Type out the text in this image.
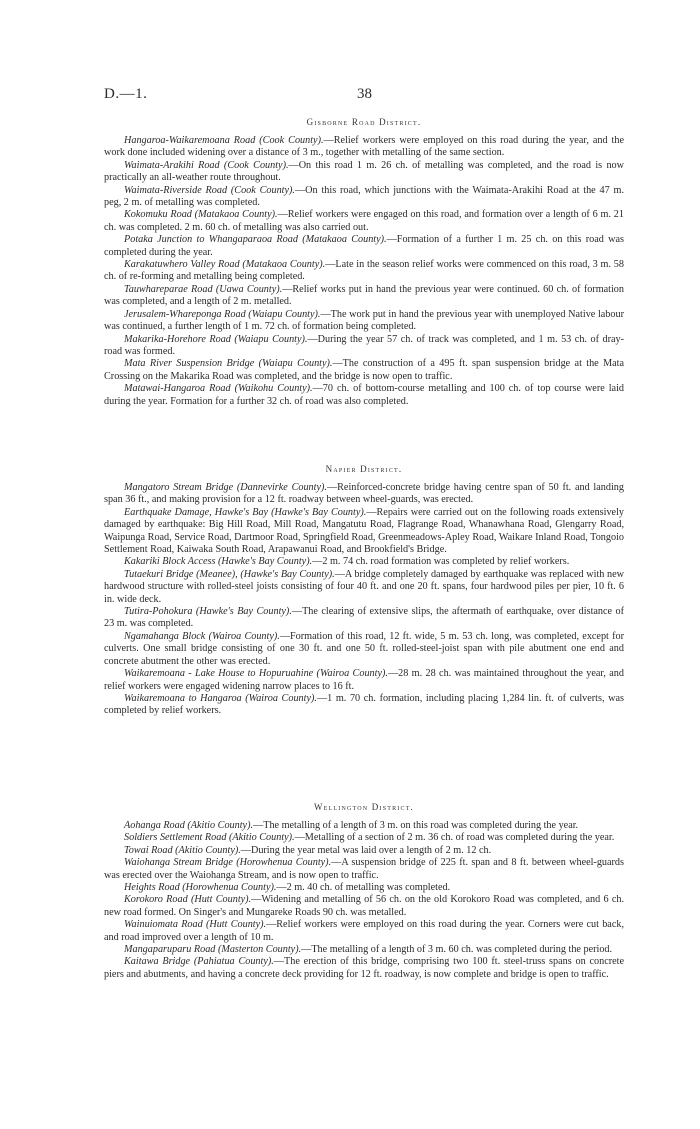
D.—1.	38
Gisborne Road District.

Hangaroa-Waikaremoana Road (Cook County).—Relief workers were employed on this road during the year, and the work done included widening over a distance of 3 m., together with metalling of the same section.

Waimata-Arakihi Road (Cook County).—On this road 1 m. 26 ch. of metalling was completed, and the road is now practically an all-weather route throughout.

Waimata-Riverside Road (Cook County).—On this road, which junctions with the Waimata-Arakihi Road at the 47 m. peg, 2 m. of metalling was completed.

Kokomuku Road (Matakaoa County).—Relief workers were engaged on this road, and formation over a length of 6 m. 21 ch. was completed. 2 m. 60 ch. of metalling was also carried out.

Potaka Junction to Whangaparaoa Road (Matakaoa County).—Formation of a further 1 m. 25 ch. on this road was completed during the year.

Karakatuwhero Valley Road (Matakaoa County).—Late in the season relief works were commenced on this road, 3 m. 58 ch. of re-forming and metalling being completed.

Tauwhareparae Road (Uawa County).—Relief works put in hand the previous year were continued. 60 ch. of formation was completed, and a length of 2 m. metalled.

Jerusalem-Whareponga Road (Waiapu County).—The work put in hand the previous year with unemployed Native labour was continued, a further length of 1 m. 72 ch. of formation being completed.

Makarika-Horehore Road (Waiapu County).—During the year 57 ch. of track was completed, and 1 m. 53 ch. of dray-road was formed.

Mata River Suspension Bridge (Waiapu County).—The construction of a 495 ft. span suspension bridge at the Mata Crossing on the Makarika Road was completed, and the bridge is now open to traffic.

Matawai-Hangaroa Road (Waikohu County).—70 ch. of bottom-course metalling and 100 ch. of top course were laid during the year. Formation for a further 32 ch. of road was also completed.

Napier District.

Mangatoro Stream Bridge (Dannevirke County).—Reinforced-concrete bridge having centre span of 50 ft. and landing span 36 ft., and making provision for a 12 ft. roadway between wheel-guards, was erected.

Earthquake Damage, Hawke's Bay (Hawke's Bay County).—Repairs were carried out on the following roads extensively damaged by earthquake: Big Hill Road, Mill Road, Mangatutu Road, Flagrange Road, Whanawhana Road, Glengarry Road, Waipunga Road, Service Road, Dartmoor Road, Springfield Road, Greenmeadows-Apley Road, Waikare Inland Road, Tongoio Settlement Road, Kaiwaka South Road, Arapawanui Road, and Brookfield's Bridge.

Kakariki Block Access (Hawke's Bay County).—2 m. 74 ch. road formation was completed by relief workers.

Tutaekuri Bridge (Meanee), (Hawke's Bay County).—A bridge completely damaged by earthquake was replaced with new hardwood structure with rolled-steel joists consisting of four 40 ft. and one 20 ft. spans, four hardwood piles per pier, 10 ft. 6 in. wide deck.

Tutira-Pohokura (Hawke's Bay County).—The clearing of extensive slips, the aftermath of earthquake, over distance of 23 m. was completed.

Ngamahanga Block (Wairoa County).—Formation of this road, 12 ft. wide, 5 m. 53 ch. long, was completed, except for culverts. One small bridge consisting of one 30 ft. and one 50 ft. rolled-steel-joist span with pile abutment one end and concrete abutment the other was erected.

Waikaremoana - Lake House to Hopuruahine (Wairoa County).—28 m. 28 ch. was maintained throughout the year, and relief workers were engaged widening narrow places to 16 ft.

Waikaremoana to Hangaroa (Wairoa County).—1 m. 70 ch. formation, including placing 1,284 lin. ft. of culverts, was completed by relief workers.

Wellington District.

Aohanga Road (Akitio County).—The metalling of a length of 3 m. on this road was completed during the year.

Soldiers Settlement Road (Akitio County).—Metalling of a section of 2 m. 36 ch. of road was completed during the year.

Towai Road (Akitio County).—During the year metal was laid over a length of 2 m. 12 ch.

Waiohanga Stream Bridge (Horowhenua County).—A suspension bridge of 225 ft. span and 8 ft. between wheel-guards was erected over the Waiohanga Stream, and is now open to traffic.

Heights Road (Horowhenua County).—2 m. 40 ch. of metalling was completed.

Korokoro Road (Hutt County).—Widening and metalling of 56 ch. on the old Korokoro Road was completed, and 6 ch. new road formed. On Singer's and Mungareke Roads 90 ch. was metalled.

Wainuiomata Road (Hutt County).—Relief workers were employed on this road during the year. Corners were cut back, and road improved over a length of 10 m.

Mangaparuparu Road (Masterton County).—The metalling of a length of 3 m. 60 ch. was completed during the period.

Kaitawa Bridge (Pahiatua County).—The erection of this bridge, comprising two 100 ft. steel-truss spans on concrete piers and abutments, and having a concrete deck providing for 12 ft. roadway, is now complete and bridge is open to traffic.
